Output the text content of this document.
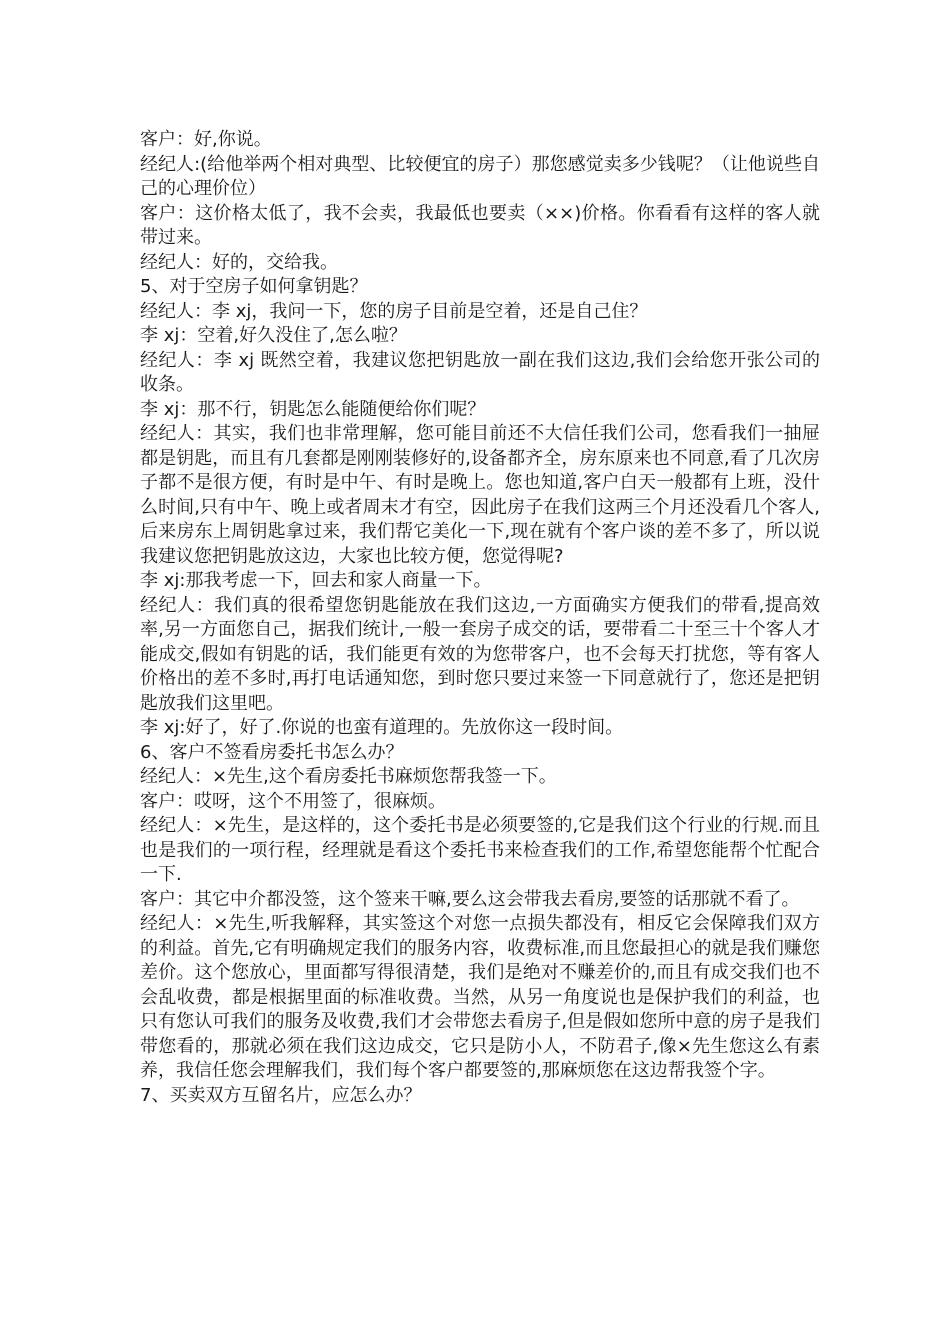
客户：好,你说。

经纪人:(给他举两个相对典型、比较便宜的房子）那您感觉卖多少钱呢？（让他说些自己的心理价位）

客户：这价格太低了，我不会卖，我最低也要卖（××)价格。你看看有这样的客人就带过来。

经纪人：好的，交给我。

5、对于空房子如何拿钥匙？

经纪人：李 xj，我问一下，您的房子目前是空着，还是自己住？

李 xj：空着,好久没住了,怎么啦？

经纪人：李 xj 既然空着，我建议您把钥匙放一副在我们这边,我们会给您开张公司的收条。

李 xj：那不行，钥匙怎么能随便给你们呢？

经纪人：其实，我们也非常理解，您可能目前还不大信任我们公司，您看我们一抽屉都是钥匙，而且有几套都是刚刚装修好的,设备都齐全，房东原来也不同意,看了几次房子都不是很方便，有时是中午、有时是晚上。您也知道,客户白天一般都有上班，没什么时间,只有中午、晚上或者周末才有空，因此房子在我们这两三个月还没看几个客人,后来房东上周钥匙拿过来，我们帮它美化一下,现在就有个客户谈的差不多了，所以说我建议您把钥匙放这边，大家也比较方便，您觉得呢?

李 xj:那我考虑一下，回去和家人商量一下。

经纪人：我们真的很希望您钥匙能放在我们这边,一方面确实方便我们的带看,提高效率,另一方面您自己，据我们统计,一般一套房子成交的话，要带看二十至三十个客人才能成交,假如有钥匙的话，我们能更有效的为您带客户，也不会每天打扰您，等有客人价格出的差不多时,再打电话通知您，到时您只要过来签一下同意就行了，您还是把钥匙放我们这里吧。

李 xj:好了，好了.你说的也蛮有道理的。先放你这一段时间。

6、客户不签看房委托书怎么办？

经纪人：×先生,这个看房委托书麻烦您帮我签一下。

客户：哎呀，这个不用签了，很麻烦。

经纪人：×先生，是这样的，这个委托书是必须要签的,它是我们这个行业的行规.而且也是我们的一项行程，经理就是看这个委托书来检查我们的工作,希望您能帮个忙配合一下.

客户：其它中介都没签，这个签来干嘛,要么这会带我去看房,要签的话那就不看了。

经纪人：×先生,听我解释，其实签这个对您一点损失都没有，相反它会保障我们双方的利益。首先,它有明确规定我们的服务内容，收费标准,而且您最担心的就是我们赚您差价。这个您放心，里面都写得很清楚，我们是绝对不赚差价的,而且有成交我们也不会乱收费，都是根据里面的标准收费。当然，从另一角度说也是保护我们的利益，也只有您认可我们的服务及收费,我们才会带您去看房子,但是假如您所中意的房子是我们带您看的，那就必须在我们这边成交，它只是防小人，不防君子,像×先生您这么有素养，我信任您会理解我们，我们每个客户都要签的,那麻烦您在这边帮我签个字。

7、买卖双方互留名片，应怎么办？
